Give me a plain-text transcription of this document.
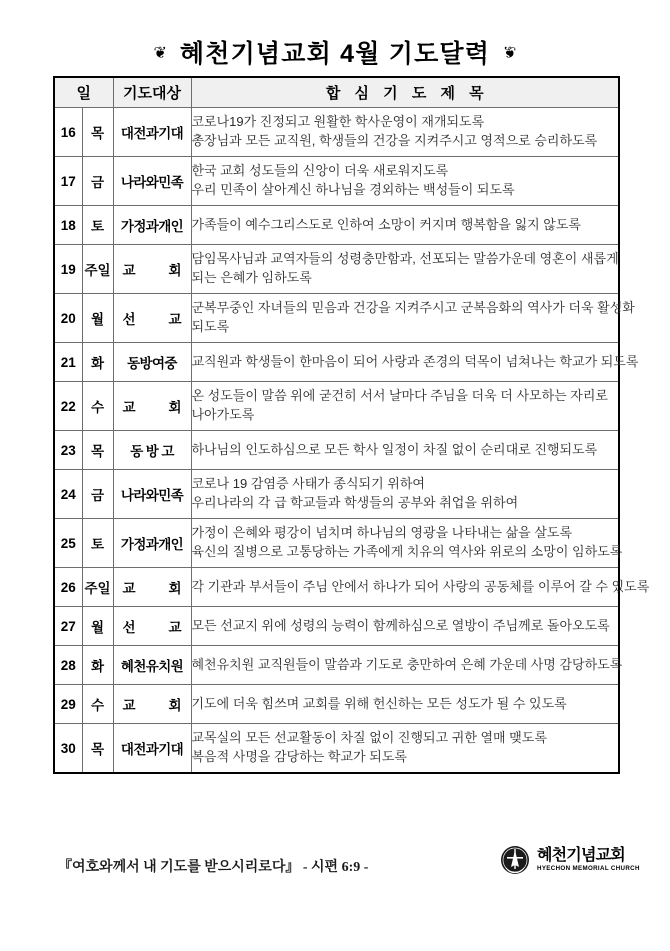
❦ 혜천기념교회 4월 기도달력 ❦
일		기도대상	합 심 기 도 제 목
16	목	대전과기대	코로나19가 진정되고 원활한 학사운영이 재개되도록
총장님과 모든 교직원, 학생들의 건강을 지켜주시고 영적으로 승리하도록

17	금	나라와민족	한국 교회 성도들의 신앙이 더욱 새로워지도록
우리 민족이 살아계신 하나님을 경외하는 백성들이 되도록

18	토	가정과개인	가족들이 예수그리스도로 인하여 소망이 커지며 행복함을 잃지 않도록

19	주일	교 회	담임목사님과 교역자들의 성령충만함과, 선포되는 말씀가운데 영혼이 새롭게
되는 은혜가 임하도록

20	월	선 교	군복무중인 자녀들의 믿음과 건강을 지켜주시고 군복음화의 역사가 더욱 활성화
되도록

21	화	동방여중	교직원과 학생들이 한마음이 되어 사랑과 존경의 덕목이 넘쳐나는 학교가 되도록

22	수	교 회	온 성도들이 말씀 위에 굳건히 서서 날마다 주님을 더욱 더 사모하는 자리로
나아가도록

23	목	동 방 고	하나님의 인도하심으로 모든 학사 일정이 차질 없이 순리대로 진행되도록

24	금	나라와민족	코로나 19 감염증 사태가 종식되기 위하여
우리나라의 각 급 학교들과 학생들의 공부와 취업을 위하여

25	토	가정과개인	가정이 은혜와 평강이 넘치며 하나님의 영광을 나타내는 삶을 살도록
육신의 질병으로 고통당하는 가족에게 치유의 역사와 위로의 소망이 임하도록

26	주일	교 회	각 기관과 부서들이 주님 안에서 하나가 되어 사랑의 공동체를 이루어 갈 수 있도록

27	월	선 교	모든 선교지 위에 성령의 능력이 함께하심으로 열방이 주님께로 돌아오도록

28	화	혜천유치원	혜천유치원 교직원들이 말씀과 기도로 충만하여 은혜 가운데 사명 감당하도록

29	수	교 회	기도에 더욱 힘쓰며 교회를 위해 헌신하는 모든 성도가 될 수 있도록

30	목	대전과기대	교목실의 모든 선교활동이 차질 없이 진행되고 귀한 열매 맺도록
복음적 사명을 감당하는 학교가 되도록
『여호와께서 내 기도를 받으시리로다』 - 시편 6:9 -
혜천기념교회
HYECHON MEMORIAL CHURCH
